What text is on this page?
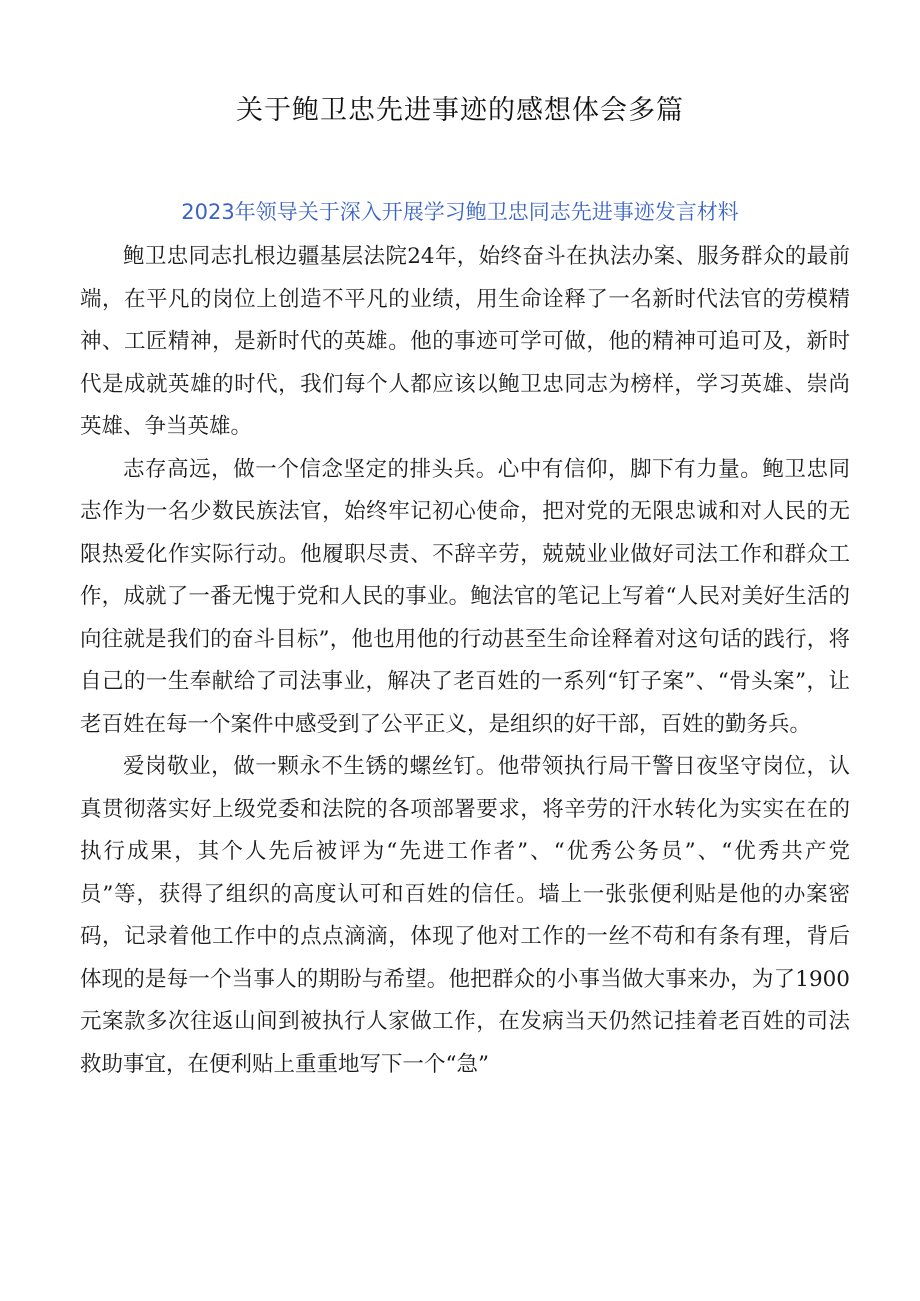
关于鲍卫忠先进事迹的感想体会多篇
2023年领导关于深入开展学习鲍卫忠同志先进事迹发言材料

鲍卫忠同志扎根边疆基层法院24年，始终奋斗在执法办案、服务群众的最前端，在平凡的岗位上创造不平凡的业绩，用生命诠释了一名新时代法官的劳模精神、工匠精神，是新时代的英雄。他的事迹可学可做，他的精神可追可及，新时代是成就英雄的时代，我们每个人都应该以鲍卫忠同志为榜样，学习英雄、崇尚英雄、争当英雄。

志存高远，做一个信念坚定的排头兵。心中有信仰，脚下有力量。鲍卫忠同志作为一名少数民族法官，始终牢记初心使命，把对党的无限忠诚和对人民的无限热爱化作实际行动。他履职尽责、不辞辛劳，兢兢业业做好司法工作和群众工作，成就了一番无愧于党和人民的事业。鲍法官的笔记上写着“人民对美好生活的向往就是我们的奋斗目标”，他也用他的行动甚至生命诠释着对这句话的践行，将自己的一生奉献给了司法事业，解决了老百姓的一系列“钉子案”、“骨头案”，让老百姓在每一个案件中感受到了公平正义，是组织的好干部，百姓的勤务兵。

爱岗敬业，做一颗永不生锈的螺丝钉。他带领执行局干警日夜坚守岗位，认真贯彻落实好上级党委和法院的各项部署要求，将辛劳的汗水转化为实实在在的执行成果，其个人先后被评为“先进工作者”、“优秀公务员”、“优秀共产党员”等，获得了组织的高度认可和百姓的信任。墙上一张张便利贴是他的办案密码，记录着他工作中的点点滴滴，体现了他对工作的一丝不苟和有条有理，背后体现的是每一个当事人的期盼与希望。他把群众的小事当做大事来办，为了1900元案款多次往返山间到被执行人家做工作，在发病当天仍然记挂着老百姓的司法救助事宜，在便利贴上重重地写下一个“急”
